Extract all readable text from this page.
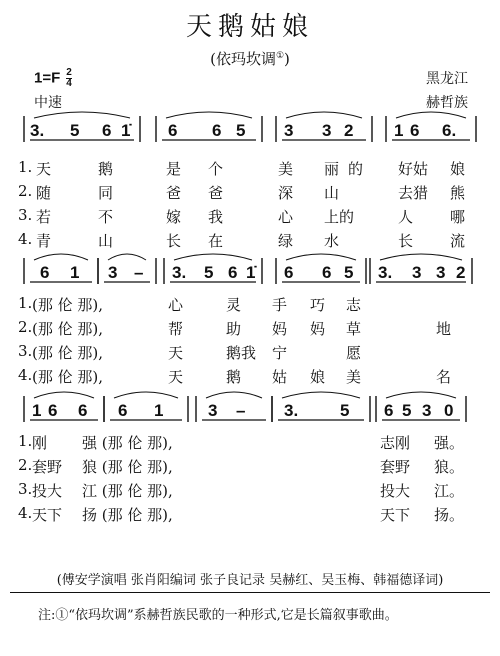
天鹅姑娘
(依玛坎调①)
$1=F \frac{2}{4}$
中速
黑龙江
赫哲族
3. 5 6 1̇ 6 6 5 3 3 2 1 6 6.
6 1 3 – 3. 5 6 1̇ 6 6 5 3. 3 3 2
1 6 6 6 1	3 – 3. 5 6 5 3 0
1. 天	鹅	是 个	美 丽 的 好姑 娘
2. 随	同	爸 爸	深 山	去猎 熊
3. 若	不	嫁 我	心 上的	人 哪
4. 青	山	长 在	绿 水	长 流
1. (那 伦 那),	心	灵 手 巧 志
2. (那 伦 那),	帮	助 妈 妈 草	地
3. (那 伦 那),	天	鹅我 宁	愿
4. (那 伦 那),	天	鹅 姑 娘 美	名
1. 刚 强 (那 伦 那),	志刚 强。
2. 套野 狼 (那 伦 那),	套野 狼。
3. 投大 江 (那 伦 那),	投大 江。
4. 天下 扬 (那 伦 那),	天下 扬。
(傅安学演唱 张肖阳编词 张子良记录 吴赫红、吴玉梅、韩福德译词)
注:①“依玛坎调”系赫哲族民歌的一种形式,它是长篇叙事歌曲。
